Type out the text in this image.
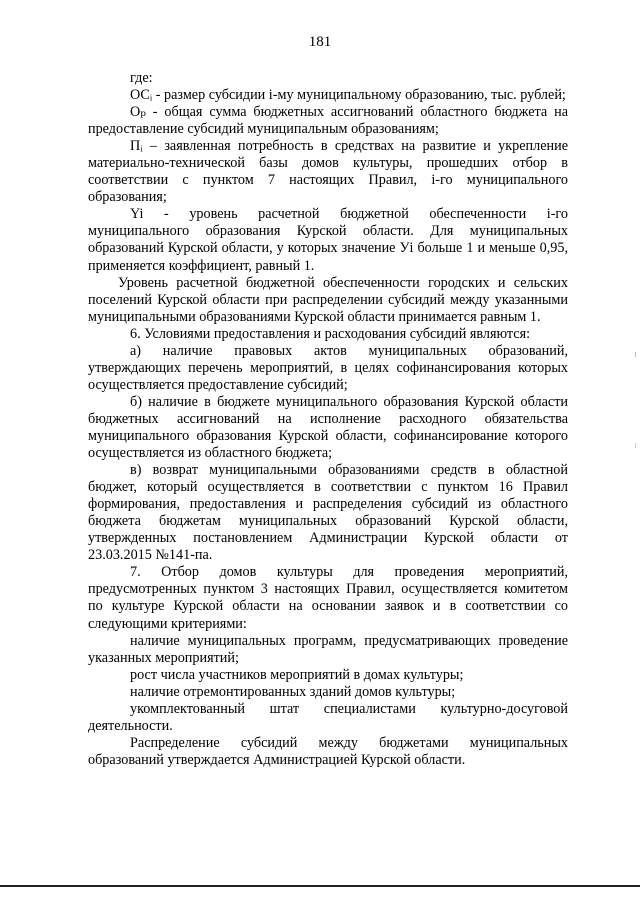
181

где:

ОСᵢ - размер субсидии i-му муниципальному образованию, тыс. рублей;

Оₚ - общая сумма бюджетных ассигнований областного бюджета на предоставление субсидий муниципальным образованиям;

Пᵢ – заявленная потребность в средствах на развитие и укрепление материально-технической базы домов культуры, прошедших отбор в соответствии с пунктом 7 настоящих Правил, i-го муниципального образования;

Yi - уровень расчетной бюджетной обеспеченности i-го муниципального образования Курской области. Для муниципальных образований Курской области, у которых значение Уi больше 1 и меньше 0,95, применяется коэффициент, равный 1.

Уровень расчетной бюджетной обеспеченности городских и сельских поселений Курской области при распределении субсидий между указанными муниципальными образованиями Курской области принимается равным 1.

6. Условиями предоставления и расходования субсидий являются:

а) наличие правовых актов муниципальных образований, утверждающих перечень мероприятий, в целях софинансирования которых осуществляется предоставление субсидий;

б) наличие в бюджете муниципального образования Курской области бюджетных ассигнований на исполнение расходного обязательства муниципального образования Курской области, софинансирование которого осуществляется из областного бюджета;

в) возврат муниципальными образованиями средств в областной бюджет, который осуществляется в соответствии с пунктом 16 Правил формирования, предоставления и распределения субсидий из областного бюджета бюджетам муниципальных образований Курской области, утвержденных постановлением Администрации Курской области от 23.03.2015 №141-па.

7. Отбор домов культуры для проведения мероприятий, предусмотренных пунктом 3 настоящих Правил, осуществляется комитетом по культуре Курской области на основании заявок и в соответствии со следующими критериями:

наличие муниципальных программ, предусматривающих проведение указанных мероприятий;

рост числа участников мероприятий в домах культуры;

наличие отремонтированных зданий домов культуры;

укомплектованный штат специалистами культурно-досуговой деятельности.

Распределение субсидий между бюджетами муниципальных образований утверждается Администрацией Курской области.
